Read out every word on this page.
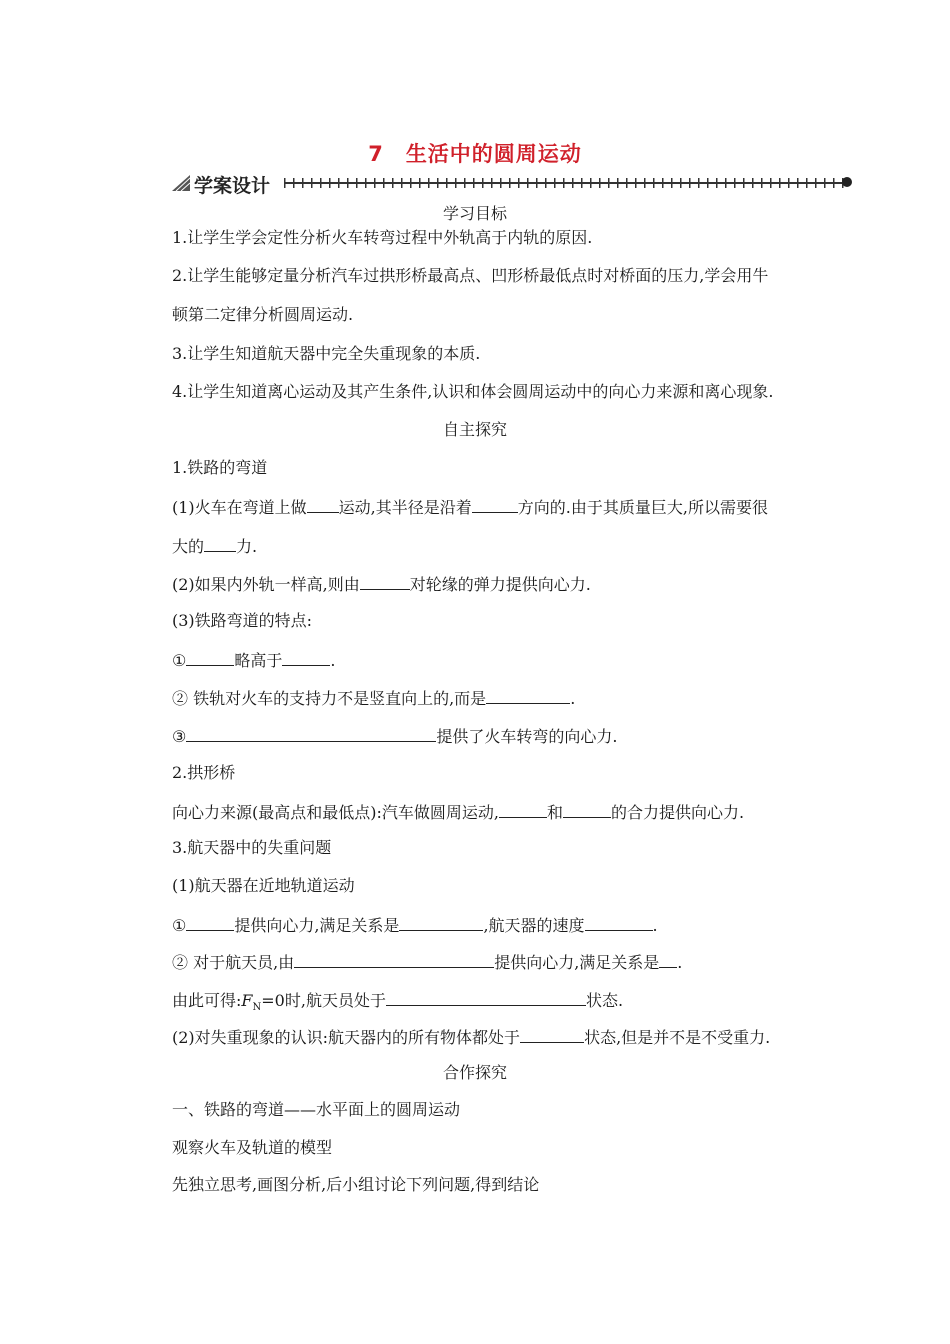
7 生活中的圆周运动
学案设计
学习目标
1.让学生学会定性分析火车转弯过程中外轨高于内轨的原因.
2.让学生能够定量分析汽车过拱形桥最高点、凹形桥最低点时对桥面的压力,学会用牛
顿第二定律分析圆周运动.
3.让学生知道航天器中完全失重现象的本质.
4.让学生知道离心运动及其产生条件,认识和体会圆周运动中的向心力来源和离心现象.
自主探究
1.铁路的弯道
(1)火车在弯道上做 运动,其半径是沿着	方向的.由于其质量巨大,所以需要很
大的 力.
(2)如果内外轨一样高,则由	对轮缘的弹力提供向心力.
(3)铁路弯道的特点:
①	略高于	.
② 铁轨对火车的支持力不是竖直向上的,而是	.
③	提供了火车转弯的向心力.
2.拱形桥
向心力来源(最高点和最低点):汽车做圆周运动,	和	的合力提供向心力.
3.航天器中的失重问题
(1)航天器在近地轨道运动
①	提供向心力,满足关系是	,航天器的速度	.
② 对于航天员,由	提供向心力,满足关系是 .
由此可得$:F_N=0$时,航天员处于	状态.
(2)对失重现象的认识:航天器内的所有物体都处于	状态,但是并不是不受重力.
合作探究
一、铁路的弯道——水平面上的圆周运动
观察火车及轨道的模型
先独立思考,画图分析,后小组讨论下列问题,得到结论
